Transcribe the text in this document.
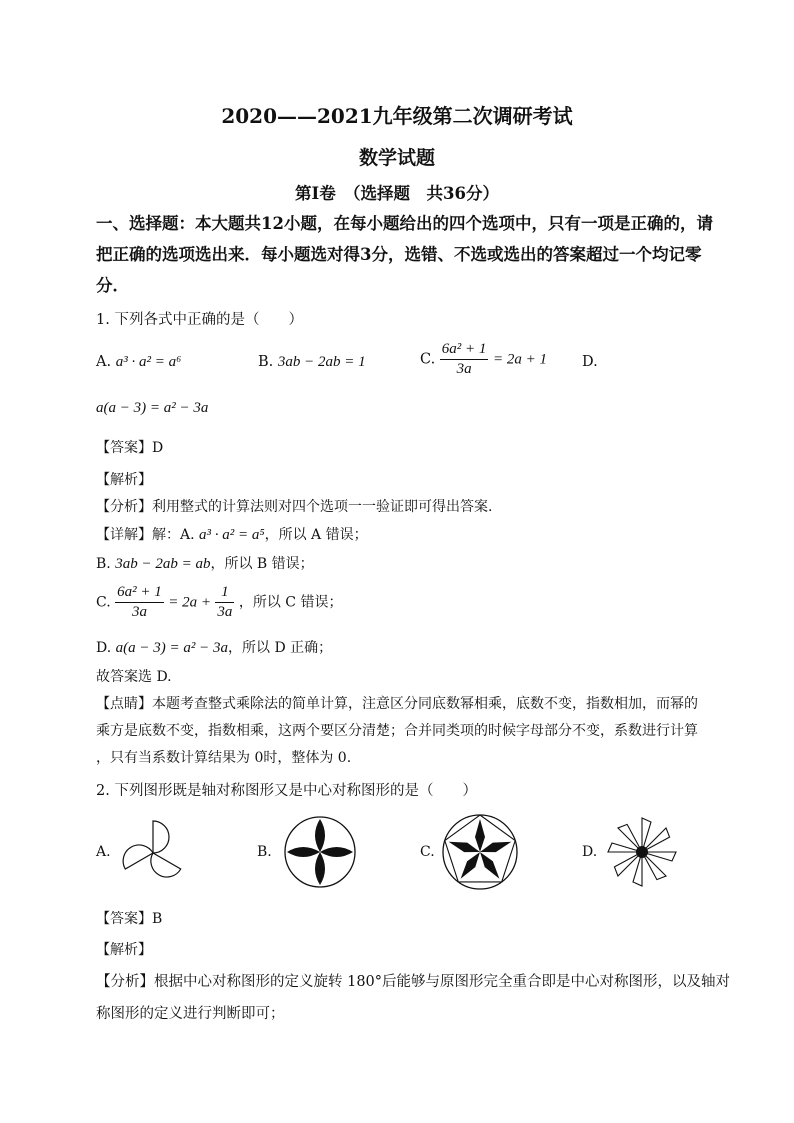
2020——2021九年级第二次调研考试
数学试题
第Ⅰ卷　（选择题　共36分）
一、选择题：本大题共12小题，在每小题给出的四个选项中，只有一项是正确的，请
把正确的选项选出来．每小题选对得3分，选错、不选或选出的答案超过一个均记零
分．
1. 下列各式中正确的是（　　）
A. a³ · a² = a⁶	B. 3ab − 2ab = 1	C. $\frac{\text{6a² + 1}}{3a} = 2a + 1$ D.
a(a − 3) = a² − 3a
【答案】D
【解析】
【分析】利用整式的计算法则对四个选项一一验证即可得出答案.
【详解】解：A. a³ · a² = a⁵，所以 A 错误；
B. 3ab − 2ab = ab，所以 B 错误；
C. $\frac{\text{6a² + 1}}{3a} = 2a + \frac{1}{3a}$ ，所以 C 错误；
D. a(a − 3) = a² − 3a，所以 D 正确；
故答案选 D.
【点睛】本题考查整式乘除法的简单计算，注意区分同底数幂相乘，底数不变，指数相加，而幂的
乘方是底数不变，指数相乘，这两个要区分清楚；合并同类项的时候字母部分不变，系数进行计算
，只有当系数计算结果为 0时，整体为 0.
2. 下列图形既是轴对称图形又是中心对称图形的是（　　）
A.	B.	C.	D.
【答案】B
【解析】
【分析】根据中心对称图形的定义旋转 180°后能够与原图形完全重合即是中心对称图形，以及轴对
称图形的定义进行判断即可；
